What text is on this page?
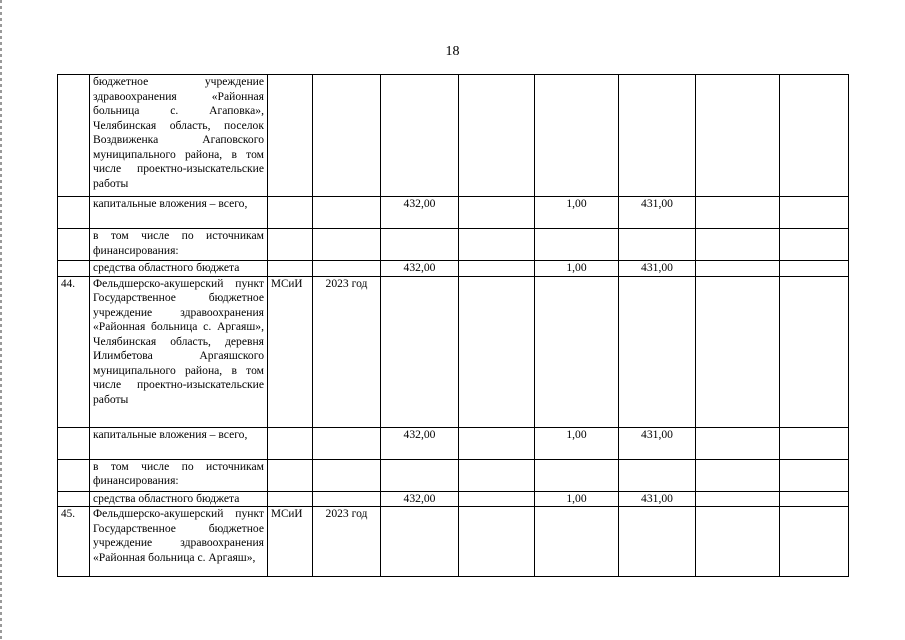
18
	бюджетное учреждение здравоохранения «Районная больница с. Агаповка», Челябинская область, поселок Воздвиженка Агаповского муниципального района, в том числе проектно-изыскательские работы								
	капитальные вложения – всего,			432,00		1,00	431,00		
	в том числе по источникам финансирования:								
	средства областного бюджета			432,00		1,00	431,00		
44.	Фельдшерско-акушерский пункт Государственное бюджетное учреждение здравоохранения «Районная больница с. Аргаяш», Челябинская область, деревня Илимбетова Аргаяшского муниципального района, в том числе проектно-изыскательские работы	МСиИ	2023 год						
	капитальные вложения – всего,			432,00		1,00	431,00		
	в том числе по источникам финансирования:								
	средства областного бюджета			432,00		1,00	431,00		
45.	Фельдшерско-акушерский пункт Государственное бюджетное учреждение здравоохранения «Районная больница с. Аргаяш»,	МСиИ	2023 год						
